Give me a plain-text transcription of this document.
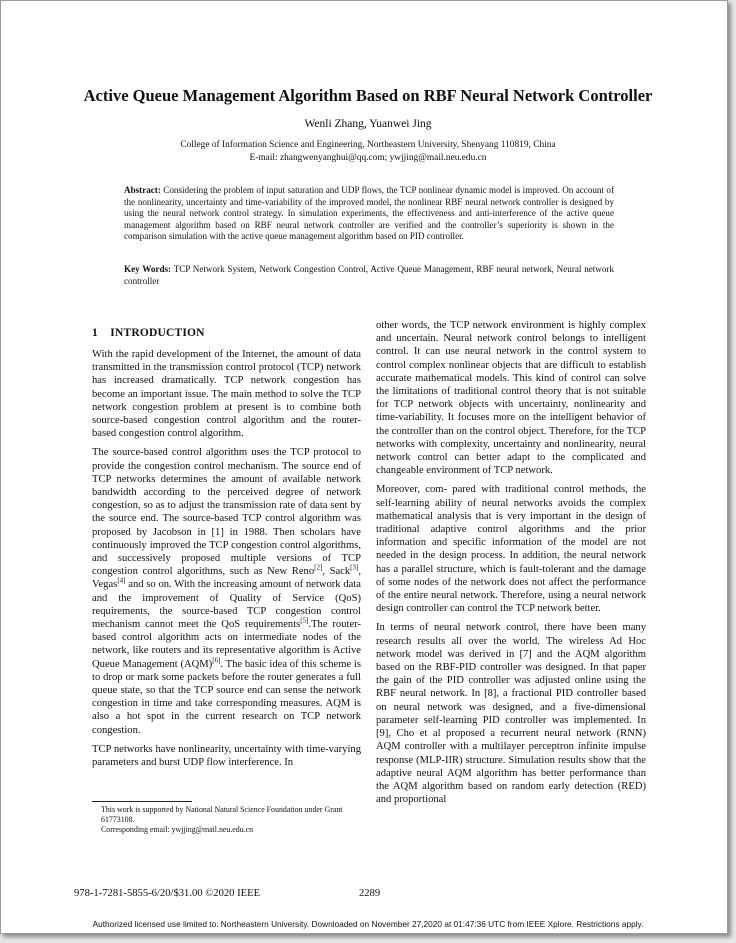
Active Queue Management Algorithm Based on RBF Neural Network Controller
Wenli Zhang, Yuanwei Jing
College of Information Science and Engineering, Northeastern University, Shenyang 110819, China
E-mail: zhangwenyanghui@qq.com; ywjjing@mail.neu.edu.cn
Abstract: Considering the problem of input saturation and UDP flows, the TCP nonlinear dynamic model is improved. On account of the nonlinearity, uncertainty and time-variability of the improved model, the nonlinear RBF neural network controller is designed by using the neural network control strategy. In simulation experiments, the effectiveness and anti-interference of the active queue management algorithm based on RBF neural network controller are verified and the controller’s superiority is shown in the comparison simulation with the active queue management algorithm based on PID controller.
Key Words: TCP Network System, Network Congestion Control, Active Queue Management, RBF neural network, Neural network controller
1 INTRODUCTION

With the rapid development of the Internet, the amount of data transmitted in the transmission control protocol (TCP) network has increased dramatically. TCP network congestion has become an important issue. The main method to solve the TCP network congestion problem at present is to combine both source-based congestion control algorithm and the router-based congestion control algorithm.

The source-based control algorithm uses the TCP protocol to provide the congestion control mechanism. The source end of TCP networks determines the amount of available network bandwidth according to the perceived degree of network congestion, so as to adjust the transmission rate of data sent by the source end. The source-based TCP control algorithm was proposed by Jacobson in [1] in 1988. Then scholars have continuously improved the TCP congestion control algorithms, and successively proposed multiple versions of TCP congestion control algorithms, such as New Reno[2], Sack[3], Vegas[4] and so on. With the increasing amount of network data and the improvement of Quality of Service (QoS) requirements, the source-based TCP congestion control mechanism cannot meet the QoS requirements[5].The router-based control algorithm acts on intermediate nodes of the network, like routers and its representative algorithm is Active Queue Management (AQM)[6]. The basic idea of this scheme is to drop or mark some packets before the router generates a full queue state, so that the TCP source end can sense the network congestion in time and take corresponding measures. AQM is also a hot spot in the current research on TCP network congestion.

TCP networks have nonlinearity, uncertainty with time-varying parameters and burst UDP flow interference. In

other words, the TCP network environment is highly complex and uncertain. Neural network control belongs to intelligent control. It can use neural network in the control system to control complex nonlinear objects that are difficult to establish accurate mathematical models. This kind of control can solve the limitations of traditional control theory that is not suitable for TCP network objects with uncertainty, nonlinearity and time-variability. It focuses more on the intelligent behavior of the controller than on the control object. Therefore, for the TCP networks with complexity, uncertainty and nonlinearity, neural network control can better adapt to the complicated and changeable environment of TCP network.

Moreover, com- pared with traditional control methods, the self-learning ability of neural networks avoids the complex mathematical analysis that is very important in the design of traditional adaptive control algorithms and the prior information and specific information of the model are not needed in the design process. In addition, the neural network has a parallel structure, which is fault-tolerant and the damage of some nodes of the network does not affect the performance of the entire neural network. Therefore, using a neural network design controller can control the TCP network better.

In terms of neural network control, there have been many research results all over the world. The wireless Ad Hoc network model was derived in [7] and the AQM algorithm based on the RBF-PID controller was designed. In that paper the gain of the PID controller was adjusted online using the RBF neural network. In [8], a fractional PID controller based on neural network was designed, and a five-dimensional parameter self-learning PID controller was implemented. In [9], Cho et al proposed a recurrent neural network (RNN) AQM controller with a multilayer perceptron infinite impulse response (MLP-IIR) structure. Simulation results show that the adaptive neural AQM algorithm has better performance than the AQM algorithm based on random early detection (RED) and proportional

This work is supported by National Natural Science Foundation under Grant 61773108.

Corresponding email: ywjjing@mail.neu.edu.cn

978-1-7281-5855-6/20/$31.00 ©2020 IEEE	2289
Authorized licensed use limited to: Northeastern University. Downloaded on November 27,2020 at 01:47:36 UTC from IEEE Xplore. Restrictions apply.
